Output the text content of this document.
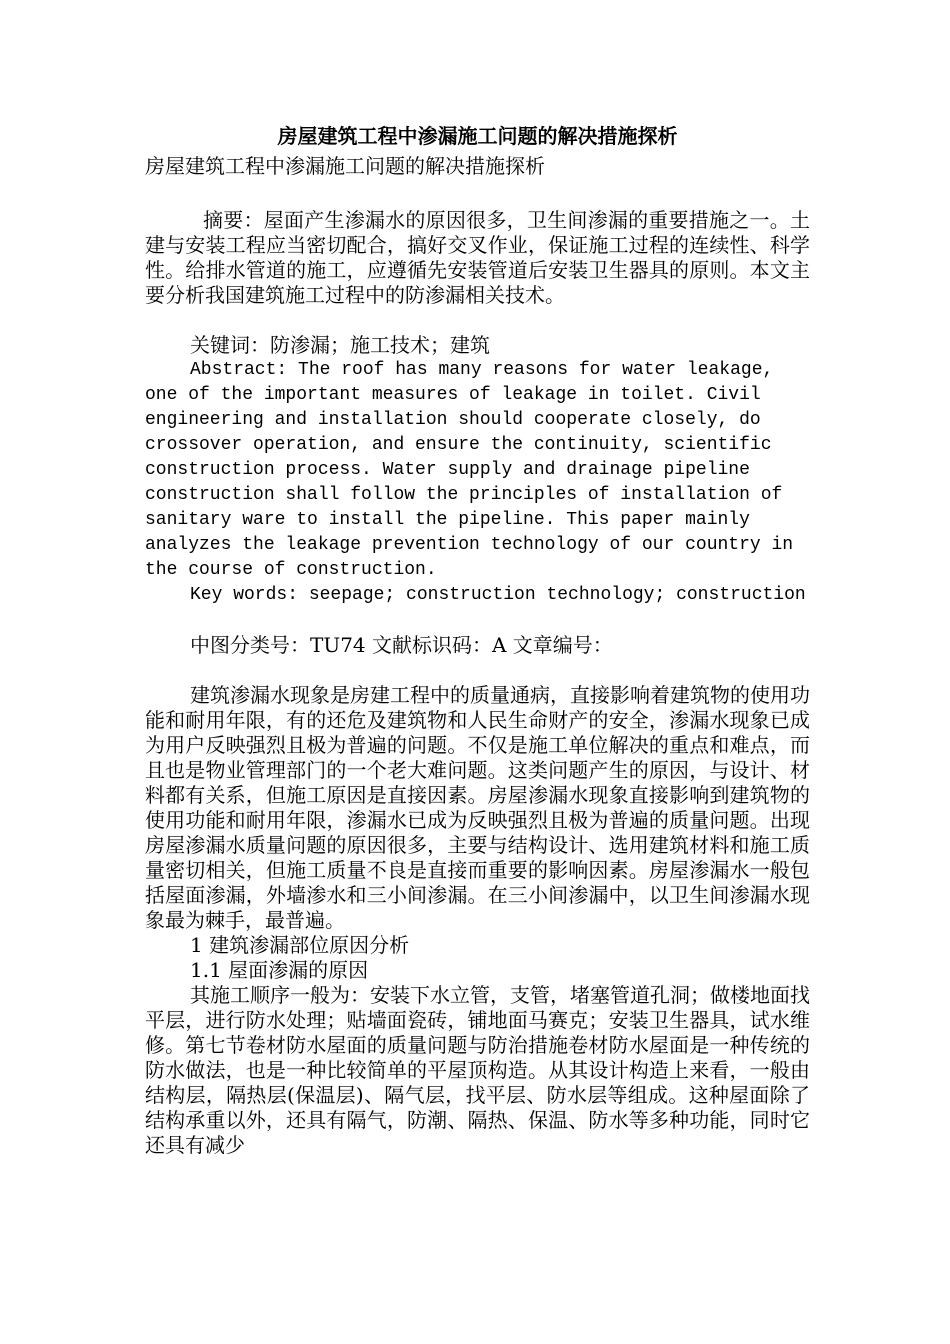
房屋建筑工程中渗漏施工问题的解决措施探析

房屋建筑工程中渗漏施工问题的解决措施探析

摘要：屋面产生渗漏水的原因很多，卫生间渗漏的重要措施之一。土建与安装工程应当密切配合，搞好交叉作业，保证施工过程的连续性、科学性。给排水管道的施工，应遵循先安装管道后安装卫生器具的原则。本文主要分析我国建筑施工过程中的防渗漏相关技术。

关键词：防渗漏；施工技术；建筑

Abstract: The roof has many reasons for water leakage, one of the important measures of leakage in toilet. Civil engineering and installation should cooperate closely, do crossover operation, and ensure the continuity, scientific construction process. Water supply and drainage pipeline construction shall follow the principles of installation of sanitary ware to install the pipeline. This paper mainly analyzes the leakage prevention technology of our country in the course of construction.

Key words: seepage; construction technology; construction

中图分类号：TU74 文献标识码：A 文章编号：

建筑渗漏水现象是房建工程中的质量通病，直接影响着建筑物的使用功能和耐用年限，有的还危及建筑物和人民生命财产的安全，渗漏水现象已成为用户反映强烈且极为普遍的问题。不仅是施工单位解决的重点和难点，而且也是物业管理部门的一个老大难问题。这类问题产生的原因，与设计、材料都有关系，但施工原因是直接因素。房屋渗漏水现象直接影响到建筑物的使用功能和耐用年限，渗漏水已成为反映强烈且极为普遍的质量问题。出现房屋渗漏水质量问题的原因很多，主要与结构设计、选用建筑材料和施工质量密切相关，但施工质量不良是直接而重要的影响因素。房屋渗漏水一般包括屋面渗漏，外墙渗水和三小间渗漏。在三小间渗漏中，以卫生间渗漏水现象最为棘手，最普遍。

1 建筑渗漏部位原因分析

1.1 屋面渗漏的原因

其施工顺序一般为：安装下水立管，支管，堵塞管道孔洞；做楼地面找平层，进行防水处理；贴墙面瓷砖，铺地面马赛克；安装卫生器具，试水维修。第七节卷材防水屋面的质量问题与防治措施卷材防水屋面是一种传统的防水做法，也是一种比较简单的平屋顶构造。从其设计构造上来看，一般由结构层，隔热层(保温层)、隔气层，找平层、防水层等组成。这种屋面除了结构承重以外，还具有隔气，防潮、隔热、保温、防水等多种功能，同时它还具有减少
